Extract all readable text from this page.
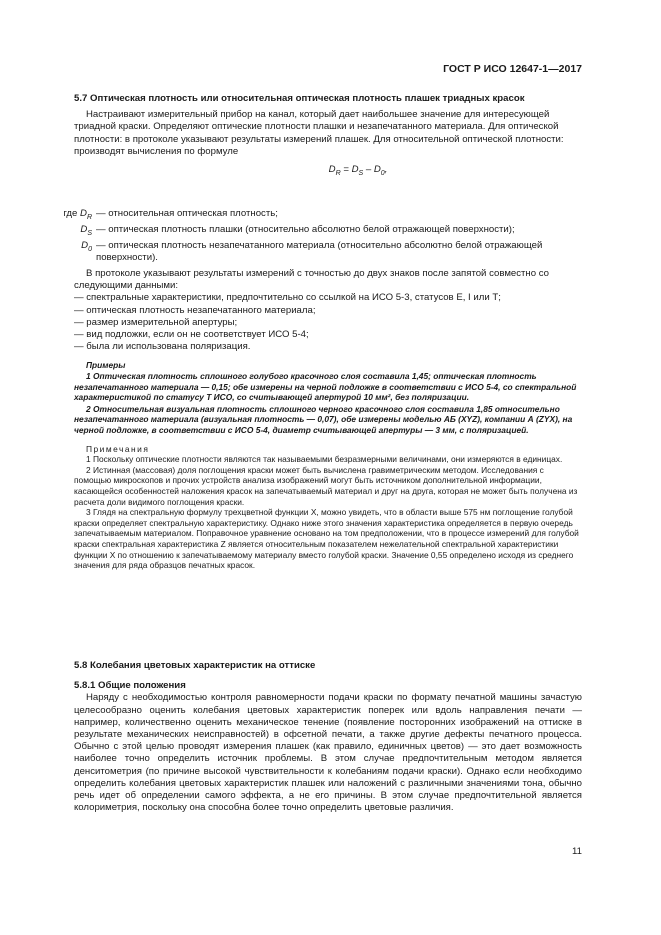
ГОСТ Р ИСО 12647-1—2017

5.7 Оптическая плотность или относительная оптическая плотность плашек триадных красок

Настраивают измерительный прибор на канал, который дает наибольшее значение для интересующей триадной краски. Определяют оптические плотности плашки и незапечатанного материала. Для оптической плотности: в протоколе указывают результаты измерений плашек. Для относительной оптической плотности: производят вычисления по формуле

$D_R = D_S - D_0$,

где $D_R$ — относительная оптическая плотность;
$D_S$ — оптическая плотность плашки (относительно абсолютно белой отражающей поверхности);
$D_0$ — оптическая плотность незапечатанного материала (относительно абсолютно белой отражающей поверхности).

В протоколе указывают результаты измерений с точностью до двух знаков после запятой совместно со следующими данными:

— спектральные характеристики, предпочтительно со ссылкой на ИСО 5-3, статусов Е, I или Т;

— оптическая плотность незапечатанного материала;

— размер измерительной апертуры;

— вид подложки, если он не соответствует ИСО 5-4;

— была ли использована поляризация.

Примеры

1 Оптическая плотность сплошного голубого красочного слоя составила 1,45; оптическая плотность незапечатанного материала — 0,15; обе измерены на черной подложке в соответствии с ИСО 5-4, со спектральной характеристикой по статусу Т ИСО, со считывающей апертурой 10 мм², без поляризации.

2 Относительная визуальная плотность сплошного черного красочного слоя составила 1,85 относительно незапечатанного материала (визуальная плотность — 0,07), обе измерены моделью АБ (XYZ), компании А (ZYX), на черной подложке, в соответствии с ИСО 5-4, диаметр считывающей апертуры — 3 мм, с поляризацией.

Примечания

1 Поскольку оптические плотности являются так называемыми безразмерными величинами, они измеряются в единицах.

2 Истинная (массовая) доля поглощения краски может быть вычислена гравиметрическим методом. Исследования с помощью микроскопов и прочих устройств анализа изображений могут быть источником дополнительной информации, касающейся особенностей наложения красок на запечатываемый материал и друг на друга, которая не может быть получена из расчета доли видимого поглощения краски.

3 Глядя на спектральную формулу трехцветной функции X, можно увидеть, что в области выше 575 нм поглощение голубой краски определяет спектральную характеристику. Однако ниже этого значения характеристика определяется в первую очередь запечатываемым материалом. Поправочное уравнение основано на том предположении, что в процессе измерений для голубой краски спектральная характеристика Z является относительным показателем нежелательной спектральной характеристики функции X по отношению к запечатываемому материалу вместо голубой краски. Значение 0,55 определено исходя из среднего значения для ряда образцов печатных красок.

5.8 Колебания цветовых характеристик на оттиске

5.8.1 Общие положения

Наряду с необходимостью контроля равномерности подачи краски по формату печатной машины зачастую целесообразно оценить колебания цветовых характеристик поперек или вдоль направления печати — например, количественно оценить механическое тенение (появление посторонних изображений на оттиске в результате механических неисправностей) в офсетной печати, а также другие дефекты печатного процесса. Обычно с этой целью проводят измерения плашек (как правило, единичных цветов) — это дает возможность наиболее точно определить источник проблемы. В этом случае предпочтительным методом является денситометрия (по причине высокой чувствительности к колебаниям подачи краски). Однако если необходимо определить колебания цветовых характеристик плашек или наложений с различными значениями тона, обычно речь идет об определении самого эффекта, а не его причины. В этом случае предпочтительной является колориметрия, поскольку она способна более точно определить цветовые различия.

11
